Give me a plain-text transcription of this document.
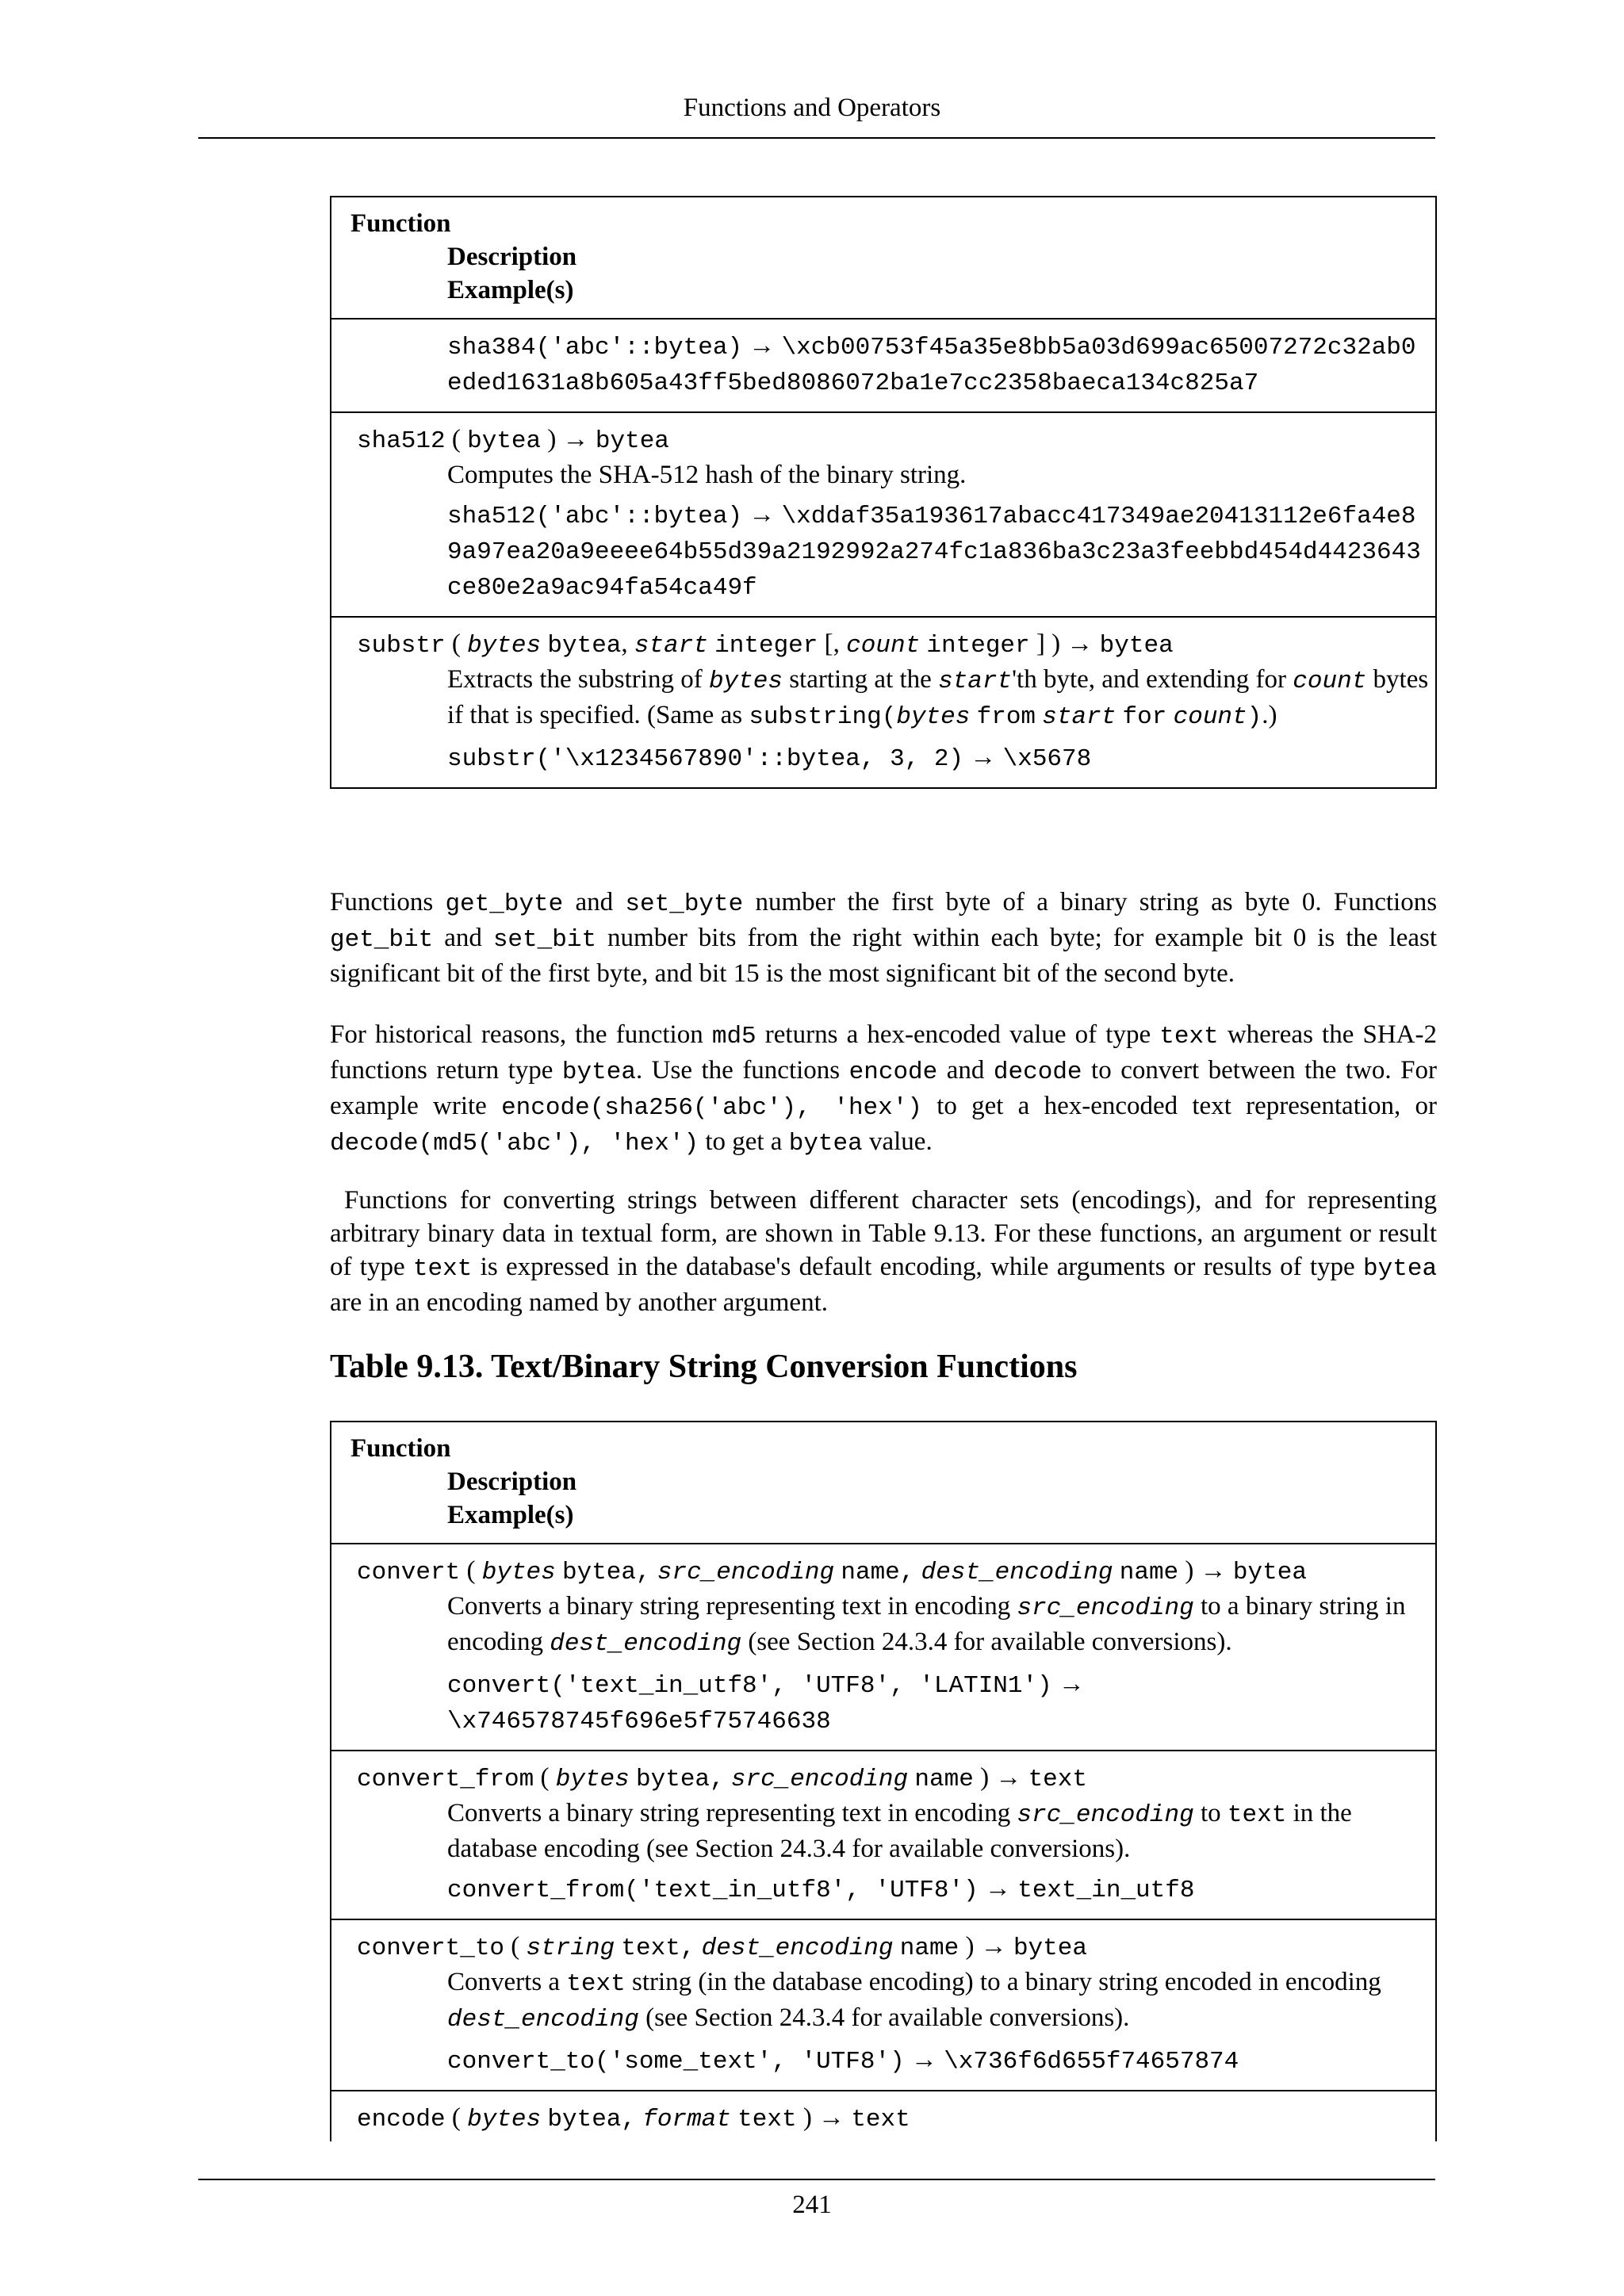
Functions and Operators
Function
Description
Example(s)

sha384('abc'::bytea) → \xcb00753f45a35e8bb5a03d699ac65007272c32ab0eded1631a8b605a43ff5bed8086072ba1e7cc2358baeca134c825a7

sha512 ( bytea ) → bytea
Computes the SHA-512 hash of the binary string.
sha512('abc'::bytea) → \xddaf35a193617abacc417349ae20413112e6fa4e89a97ea20a9eeee64b55d39a2192992a274fc1a836ba3c23a3feebbd454d4423643ce80e2a9ac94fa54ca49f

substr ( bytes bytea, start integer [, count integer ] ) → bytea
Extracts the substring of bytes starting at the start'th byte, and extending for count bytes if that is specified. (Same as substring(bytes from start for count).)
substr('\x1234567890'::bytea, 3, 2) → \x5678

Functions get_byte and set_byte number the first byte of a binary string as byte 0. Functions get_bit and set_bit number bits from the right within each byte; for example bit 0 is the least significant bit of the first byte, and bit 15 is the most significant bit of the second byte.

For historical reasons, the function md5 returns a hex-encoded value of type text whereas the SHA-2 functions return type bytea. Use the functions encode and decode to convert between the two. For example write encode(sha256('abc'), 'hex') to get a hex-encoded text representation, or decode(md5('abc'), 'hex') to get a bytea value.

Functions for converting strings between different character sets (encodings), and for representing arbitrary binary data in textual form, are shown in Table 9.13. For these functions, an argument or result of type text is expressed in the database's default encoding, while arguments or results of type bytea are in an encoding named by another argument.

Table 9.13. Text/Binary String Conversion Functions
Function
Description
Example(s)

convert ( bytes bytea, src_encoding name, dest_encoding name ) → bytea
Converts a binary string representing text in encoding src_encoding to a binary string in encoding dest_encoding (see Section 24.3.4 for available conversions).
convert('text_in_utf8', 'UTF8', 'LATIN1') →
\x746578745f696e5f75746638

convert_from ( bytes bytea, src_encoding name ) → text
Converts a binary string representing text in encoding src_encoding to text in the database encoding (see Section 24.3.4 for available conversions).
convert_from('text_in_utf8', 'UTF8') → text_in_utf8

convert_to ( string text, dest_encoding name ) → bytea
Converts a text string (in the database encoding) to a binary string encoded in encoding dest_encoding (see Section 24.3.4 for available conversions).
convert_to('some_text', 'UTF8') → \x736f6d655f74657874

encode ( bytes bytea, format text ) → text
241
